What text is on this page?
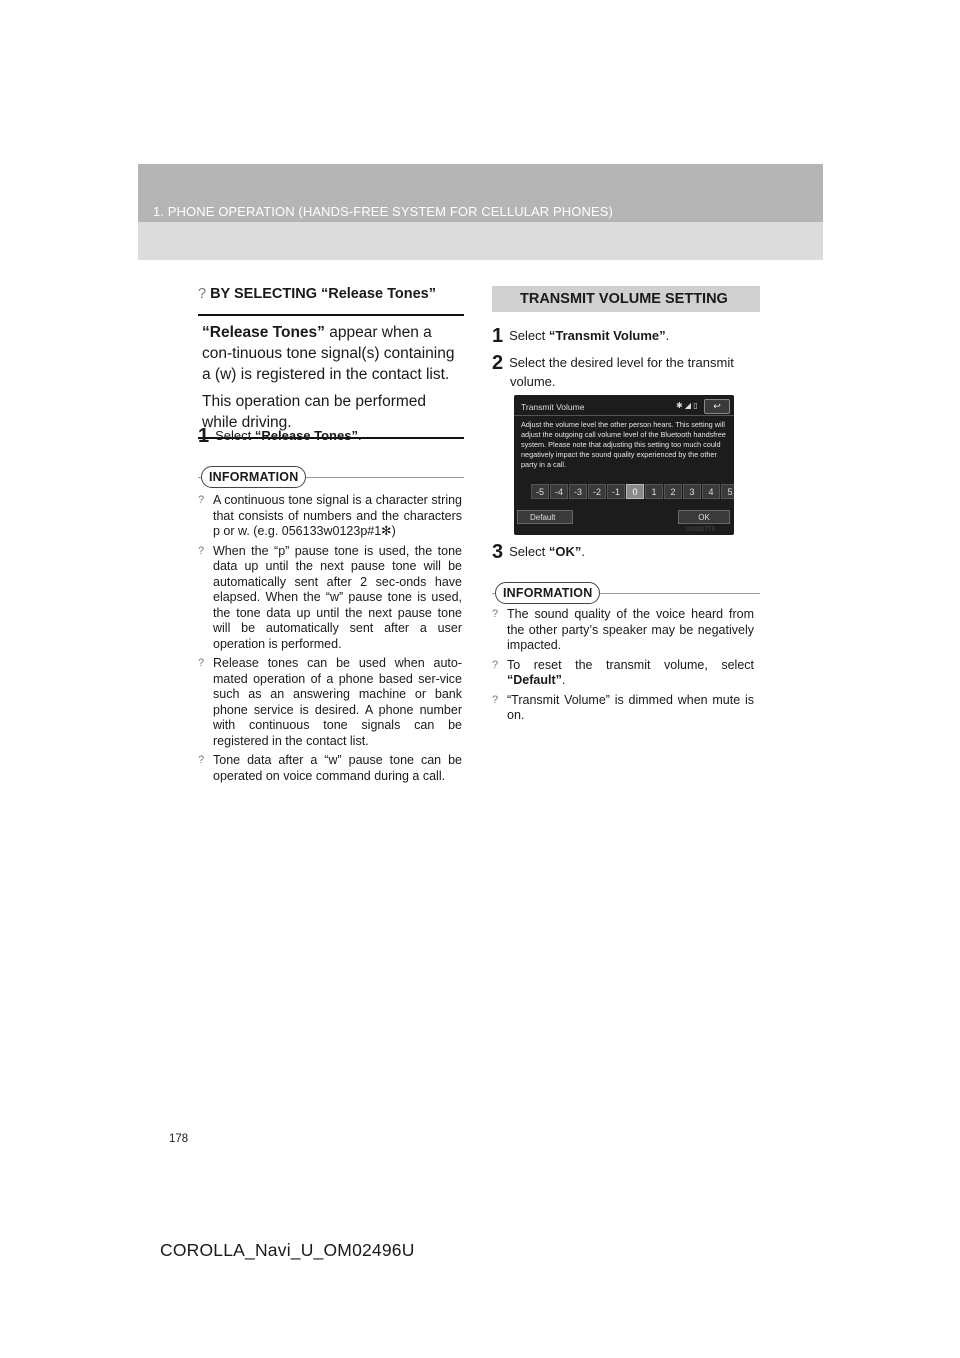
1. PHONE OPERATION (HANDS-FREE SYSTEM FOR CELLULAR PHONES)
? BY SELECTING “Release Tones”
“Release Tones” appear when a con-tinuous tone signal(s) containing a (w) is registered in the contact list.
This operation can be performed while driving.
1 Select “Release Tones”.
INFORMATION
? A continuous tone signal is a character string that consists of numbers and the characters p or w. (e.g. 056133w0123p#1✻)
? When the “p” pause tone is used, the tone data up until the next pause tone will be automatically sent after 2 sec-onds have elapsed. When the “w” pause tone is used, the tone data up until the next pause tone will be automatically sent after a user operation is performed.
? Release tones can be used when auto-mated operation of a phone based ser-vice such as an answering machine or bank phone service is desired. A phone number with continuous tone signals can be registered in the contact list.
? Tone data after a “w” pause tone can be operated on voice command during a call.
TRANSMIT VOLUME SETTING
1 Select “Transmit Volume”.
2 Select the desired level for the transmit
volume.
Transmit Volume	✱ ◢ ▯	↩
Adjust the volume level the other person hears. This setting will adjust the outgoing call volume level of the Bluetooth handsfree system. Please note that adjusting this setting too much could negatively impact the sound quality experienced by the other party in a call.
-5	-4	-3	-2	-1	0	1	2	3	4	5
Default	OK
US0027TS
3 Select “OK”.
INFORMATION
? The sound quality of the voice heard from the other party’s speaker may be negatively impacted.
? To reset the transmit volume, select “Default”.
? “Transmit Volume” is dimmed when mute is on.
178
COROLLA_Navi_U_OM02496U
